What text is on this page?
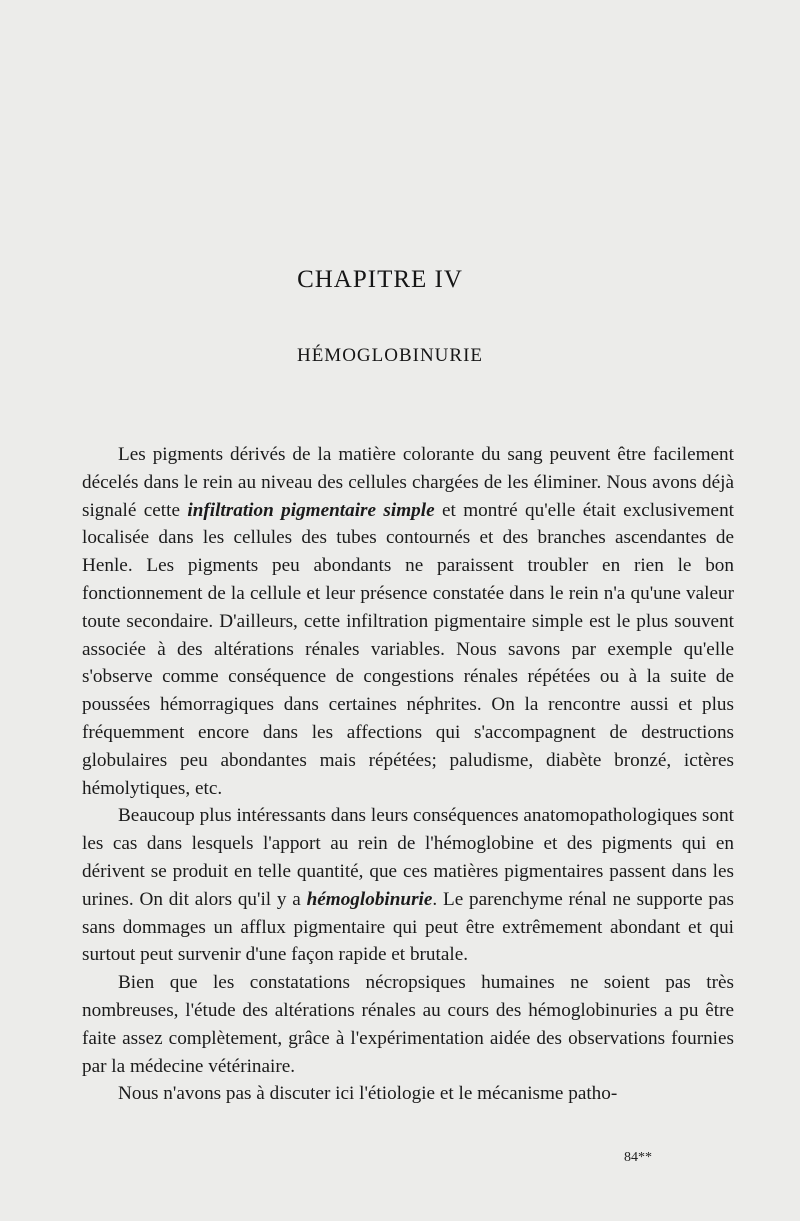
CHAPITRE IV
HÉMOGLOBINURIE

Les pigments dérivés de la matière colorante du sang peuvent être facilement décelés dans le rein au niveau des cellules chargées de les éliminer. Nous avons déjà signalé cette infiltration pigmentaire simple et montré qu'elle était exclusivement localisée dans les cellules des tubes contournés et des branches ascendantes de Henle. Les pigments peu abondants ne paraissent troubler en rien le bon fonctionnement de la cellule et leur présence constatée dans le rein n'a qu'une valeur toute secondaire. D'ailleurs, cette infiltration pigmentaire simple est le plus souvent associée à des altérations rénales variables. Nous savons par exemple qu'elle s'observe comme conséquence de congestions rénales répétées ou à la suite de poussées hémorragiques dans certaines néphrites. On la rencontre aussi et plus fréquemment encore dans les affections qui s'accompagnent de destructions globulaires peu abondantes mais répétées; paludisme, diabète bronzé, ictères hémolytiques, etc.

Beaucoup plus intéressants dans leurs conséquences anatomopathologiques sont les cas dans lesquels l'apport au rein de l'hémoglobine et des pigments qui en dérivent se produit en telle quantité, que ces matières pigmentaires passent dans les urines. On dit alors qu'il y a hémoglobinurie. Le parenchyme rénal ne supporte pas sans dommages un afflux pigmentaire qui peut être extrêmement abondant et qui surtout peut survenir d'une façon rapide et brutale.

Bien que les constatations nécropsiques humaines ne soient pas très nombreuses, l'étude des altérations rénales au cours des hémoglobinuries a pu être faite assez complètement, grâce à l'expérimentation aidée des observations fournies par la médecine vétérinaire.

Nous n'avons pas à discuter ici l'étiologie et le mécanisme patho-

84**
